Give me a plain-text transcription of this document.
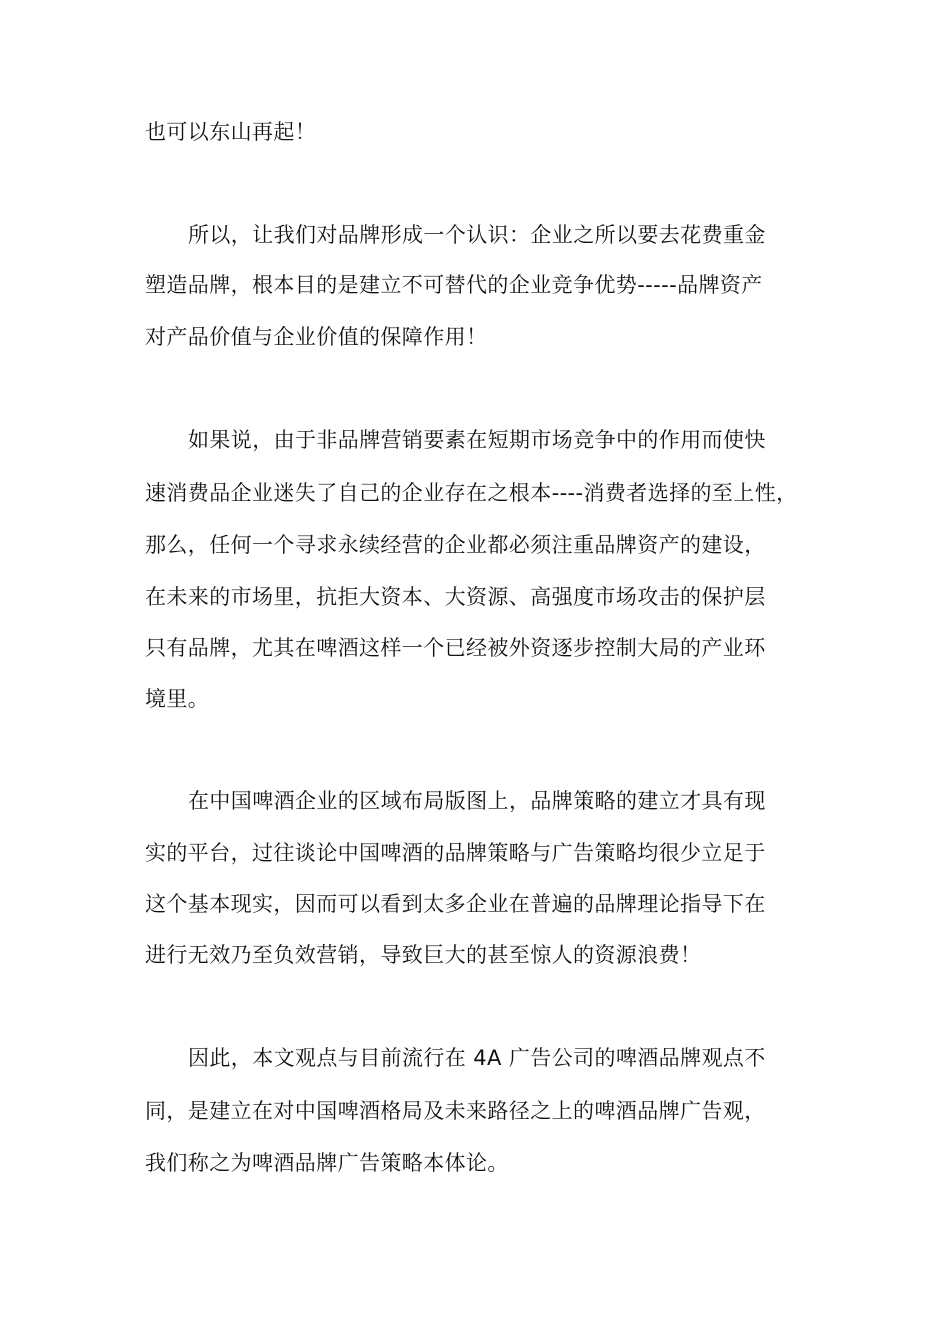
也可以东山再起！
所以，让我们对品牌形成一个认识：企业之所以要去花费重金
塑造品牌，根本目的是建立不可替代的企业竞争优势-----品牌资产
对产品价值与企业价值的保障作用！
如果说，由于非品牌营销要素在短期市场竞争中的作用而使快
速消费品企业迷失了自己的企业存在之根本----消费者选择的至上性，
那么，任何一个寻求永续经营的企业都必须注重品牌资产的建设，
在未来的市场里，抗拒大资本、大资源、高强度市场攻击的保护层
只有品牌，尤其在啤酒这样一个已经被外资逐步控制大局的产业环
境里。
在中国啤酒企业的区域布局版图上，品牌策略的建立才具有现
实的平台，过往谈论中国啤酒的品牌策略与广告策略均很少立足于
这个基本现实，因而可以看到太多企业在普遍的品牌理论指导下在
进行无效乃至负效营销，导致巨大的甚至惊人的资源浪费！
因此，本文观点与目前流行在 4A 广告公司的啤酒品牌观点不
同，是建立在对中国啤酒格局及未来路径之上的啤酒品牌广告观，
我们称之为啤酒品牌广告策略本体论。
